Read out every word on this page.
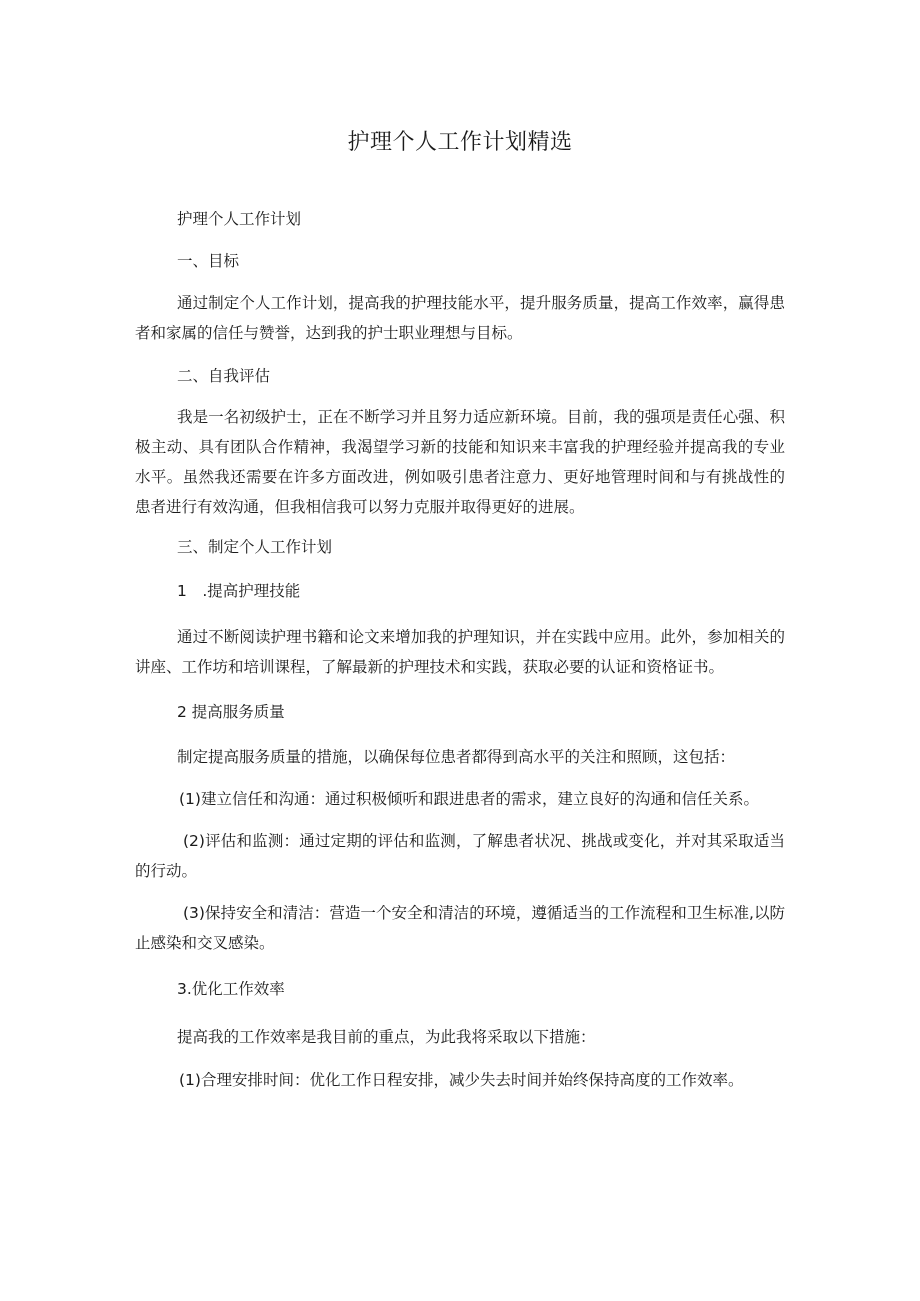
护理个人工作计划精选

护理个人工作计划

一、目标

通过制定个人工作计划，提高我的护理技能水平，提升服务质量，提高工作效率，赢得患者和家属的信任与赞誉，达到我的护士职业理想与目标。

二、自我评估

我是一名初级护士，正在不断学习并且努力适应新环境。目前，我的强项是责任心强、积极主动、具有团队合作精神，我渴望学习新的技能和知识来丰富我的护理经验并提高我的专业水平。虽然我还需要在许多方面改进，例如吸引患者注意力、更好地管理时间和与有挑战性的患者进行有效沟通，但我相信我可以努力克服并取得更好的进展。

三、制定个人工作计划

1　.提高护理技能

通过不断阅读护理书籍和论文来增加我的护理知识，并在实践中应用。此外，参加相关的讲座、工作坊和培训课程，了解最新的护理技术和实践，获取必要的认证和资格证书。

2 提高服务质量

制定提高服务质量的措施，以确保每位患者都得到高水平的关注和照顾，这包括：

(1)建立信任和沟通：通过积极倾听和跟进患者的需求，建立良好的沟通和信任关系。

(2)评估和监测：通过定期的评估和监测，了解患者状况、挑战或变化，并对其采取适当的行动。

(3)保持安全和清洁：营造一个安全和清洁的环境，遵循适当的工作流程和卫生标准,以防止感染和交叉感染。

3.优化工作效率

提高我的工作效率是我目前的重点，为此我将采取以下措施：

(1)合理安排时间：优化工作日程安排，减少失去时间并始终保持高度的工作效率。
